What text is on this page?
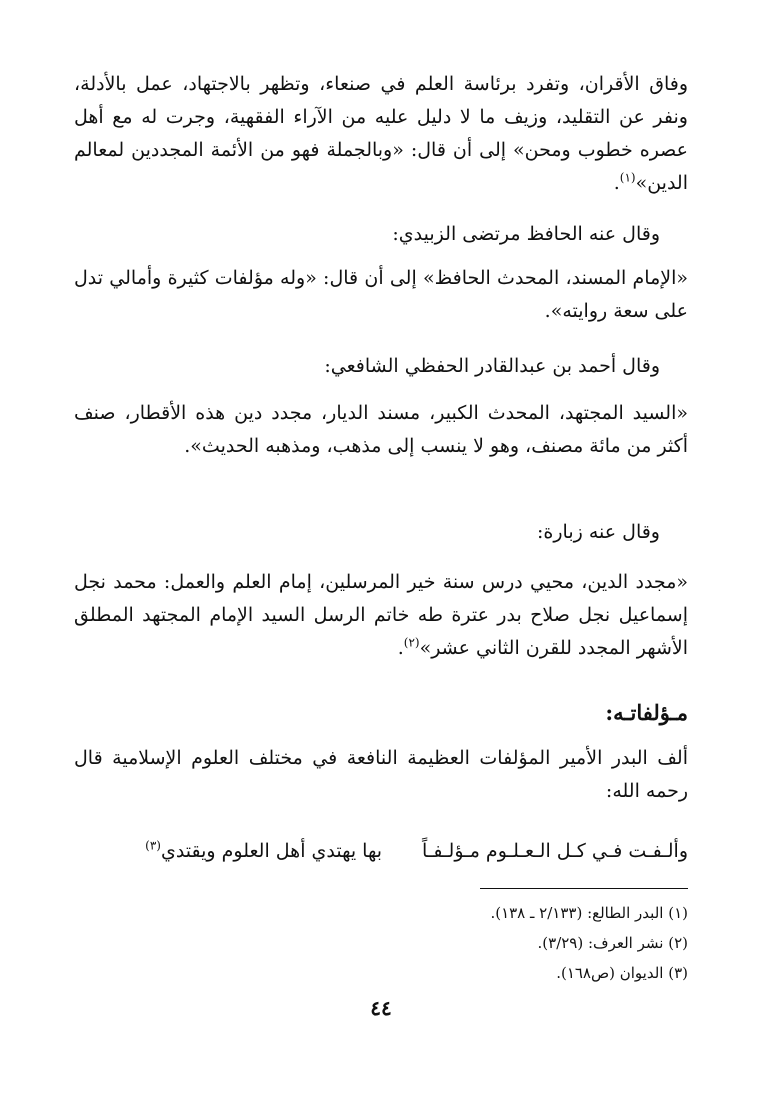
وفاق الأقران، وتفرد برئاسة العلم في صنعاء، وتظهر بالاجتهاد، عمل بالأدلة، ونفر عن التقليد، وزيف ما لا دليل عليه من الآراء الفقهية، وجرت له مع أهل عصره خطوب ومحن» إلى أن قال: «وبالجملة فهو من الأئمة المجددين لمعالم الدين»$^{(١)}$.

وقال عنه الحافظ مرتضى الزبيدي:

«الإمام المسند، المحدث الحافظ» إلى أن قال: «وله مؤلفات كثيرة وأمالي تدل على سعة روايته».

وقال أحمد بن عبدالقادر الحفظي الشافعي:

«السيد المجتهد، المحدث الكبير، مسند الديار، مجدد دين هذه الأقطار، صنف أكثر من مائة مصنف، وهو لا ينسب إلى مذهب، ومذهبه الحديث».

وقال عنه زبارة:

«مجدد الدين، محيي درس سنة خير المرسلين، إمام العلم والعمل: محمد نجل إسماعيل نجل صلاح بدر عترة طه خاتم الرسل السيد الإمام المجتهد المطلق الأشهر المجدد للقرن الثاني عشر»$^{(٢)}$.

مـؤلفاتـه:

ألف البدر الأمير المؤلفات العظيمة النافعة في مختلف العلوم الإسلامية قال رحمه الله:

وألـفـت فـي كـل الـعـلـوم مـؤلـفـاً
بها يهتدي أهل العلوم ويقتدي$^{(٣)}$
(١) البدر الطالع: (٢/١٣٣ ـ ١٣٨).
(٢) نشر العرف: (٣/٢٩).
(٣) الديوان (ص١٦٨).
٤٤
